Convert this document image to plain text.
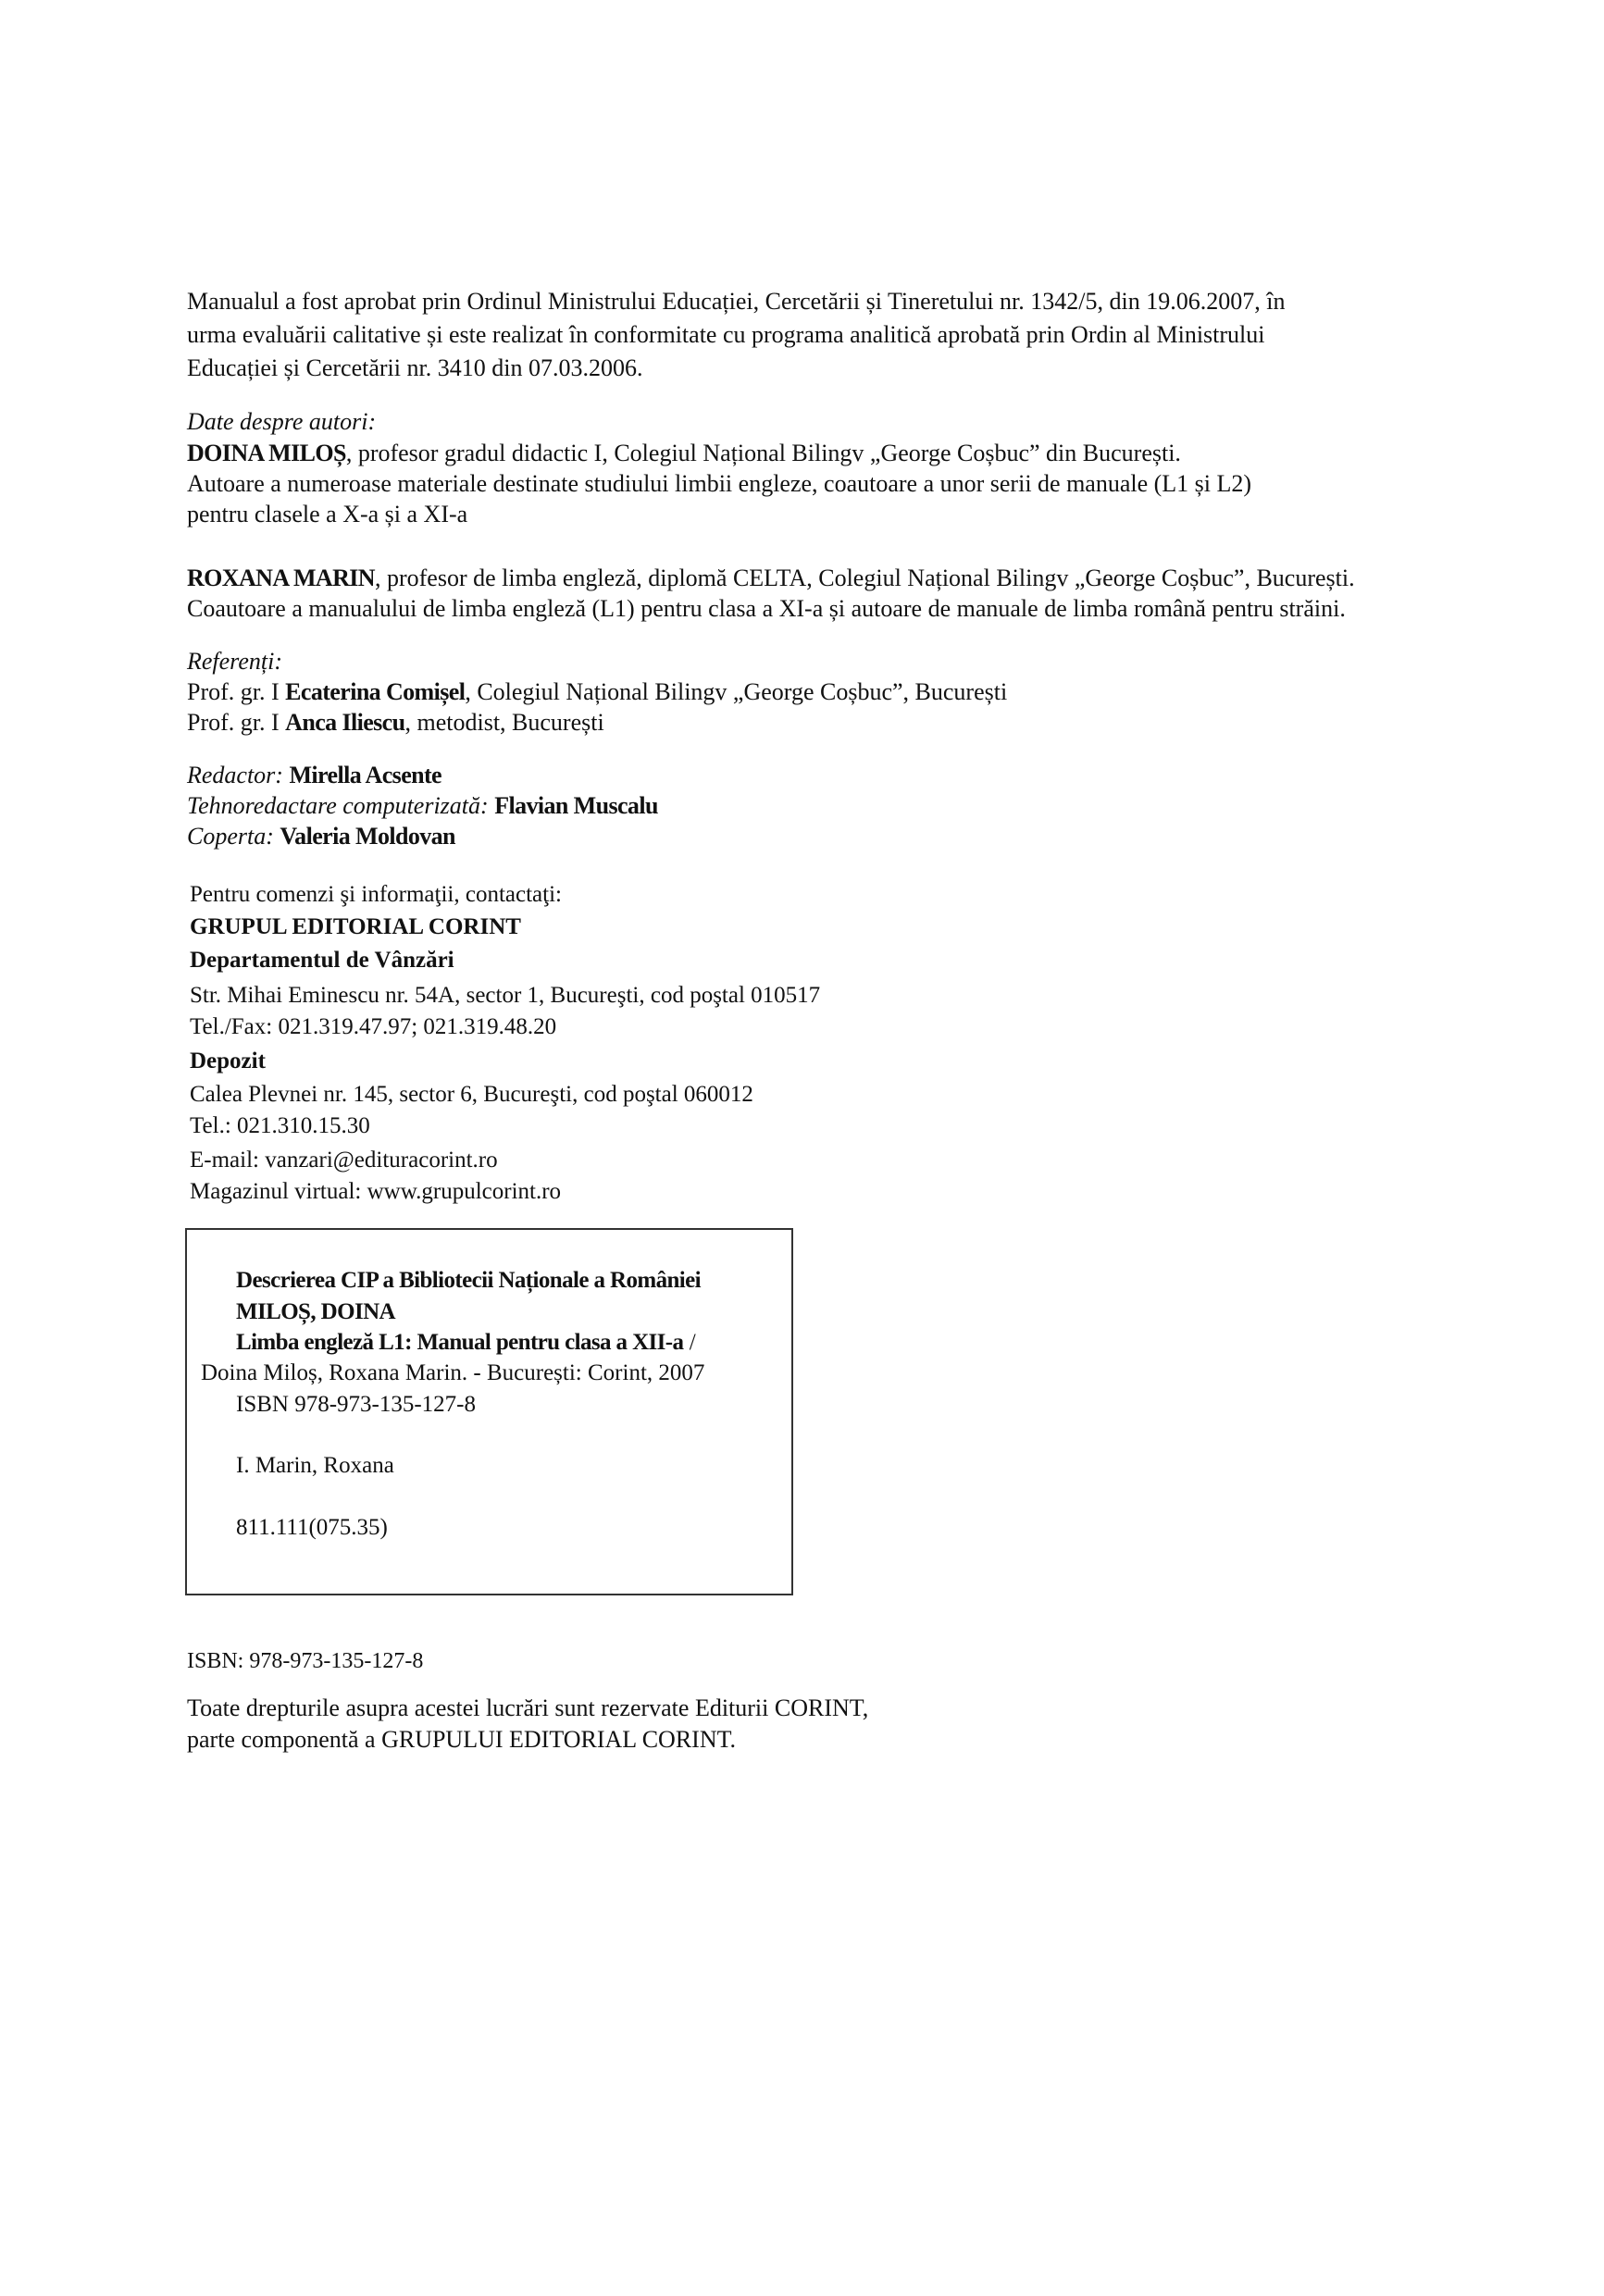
Manualul a fost aprobat prin Ordinul Ministrului Educației, Cercetării și Tineretului nr. 1342/5, din 19.06.2007, în
urma evaluării calitative și este realizat în conformitate cu programa analitică aprobată prin Ordin al Ministrului
Educației și Cercetării nr. 3410 din 07.03.2006.
Date despre autori:
DOINA MILOȘ, profesor gradul didactic I, Colegiul Național Bilingv „George Coșbuc” din București.
Autoare a numeroase materiale destinate studiului limbii engleze, coautoare a unor serii de manuale (L1 și L2)
pentru clasele a X-a și a XI-a
ROXANA MARIN, profesor de limba engleză, diplomă CELTA, Colegiul Național Bilingv „George Coșbuc”, București.
Coautoare a manualului de limba engleză (L1) pentru clasa a XI-a și autoare de manuale de limba română pentru străini.
Referenți:
Prof. gr. I Ecaterina Comișel, Colegiul Național Bilingv „George Coșbuc”, București
Prof. gr. I Anca Iliescu, metodist, București
Redactor: Mirella Acsente
Tehnoredactare computerizată: Flavian Muscalu
Coperta: Valeria Moldovan
Pentru comenzi şi informaţii, contactaţi:
GRUPUL EDITORIAL CORINT
Departamentul de Vânzări
Str. Mihai Eminescu nr. 54A, sector 1, Bucureşti, cod poştal 010517
Tel./Fax: 021.319.47.97; 021.319.48.20
Depozit
Calea Plevnei nr. 145, sector 6, Bucureşti, cod poştal 060012
Tel.: 021.310.15.30
E-mail: vanzari@edituracorint.ro
Magazinul virtual: www.grupulcorint.ro
Descrierea CIP a Bibliotecii Naționale a României
MILOȘ, DOINA
Limba engleză L1: Manual pentru clasa a XII-a /
Doina Miloș, Roxana Marin. - București: Corint, 2007
ISBN 978-973-135-127-8
I. Marin, Roxana
811.111(075.35)
ISBN: 978-973-135-127-8
Toate drepturile asupra acestei lucrări sunt rezervate Editurii CORINT,
parte componentă a GRUPULUI EDITORIAL CORINT.
